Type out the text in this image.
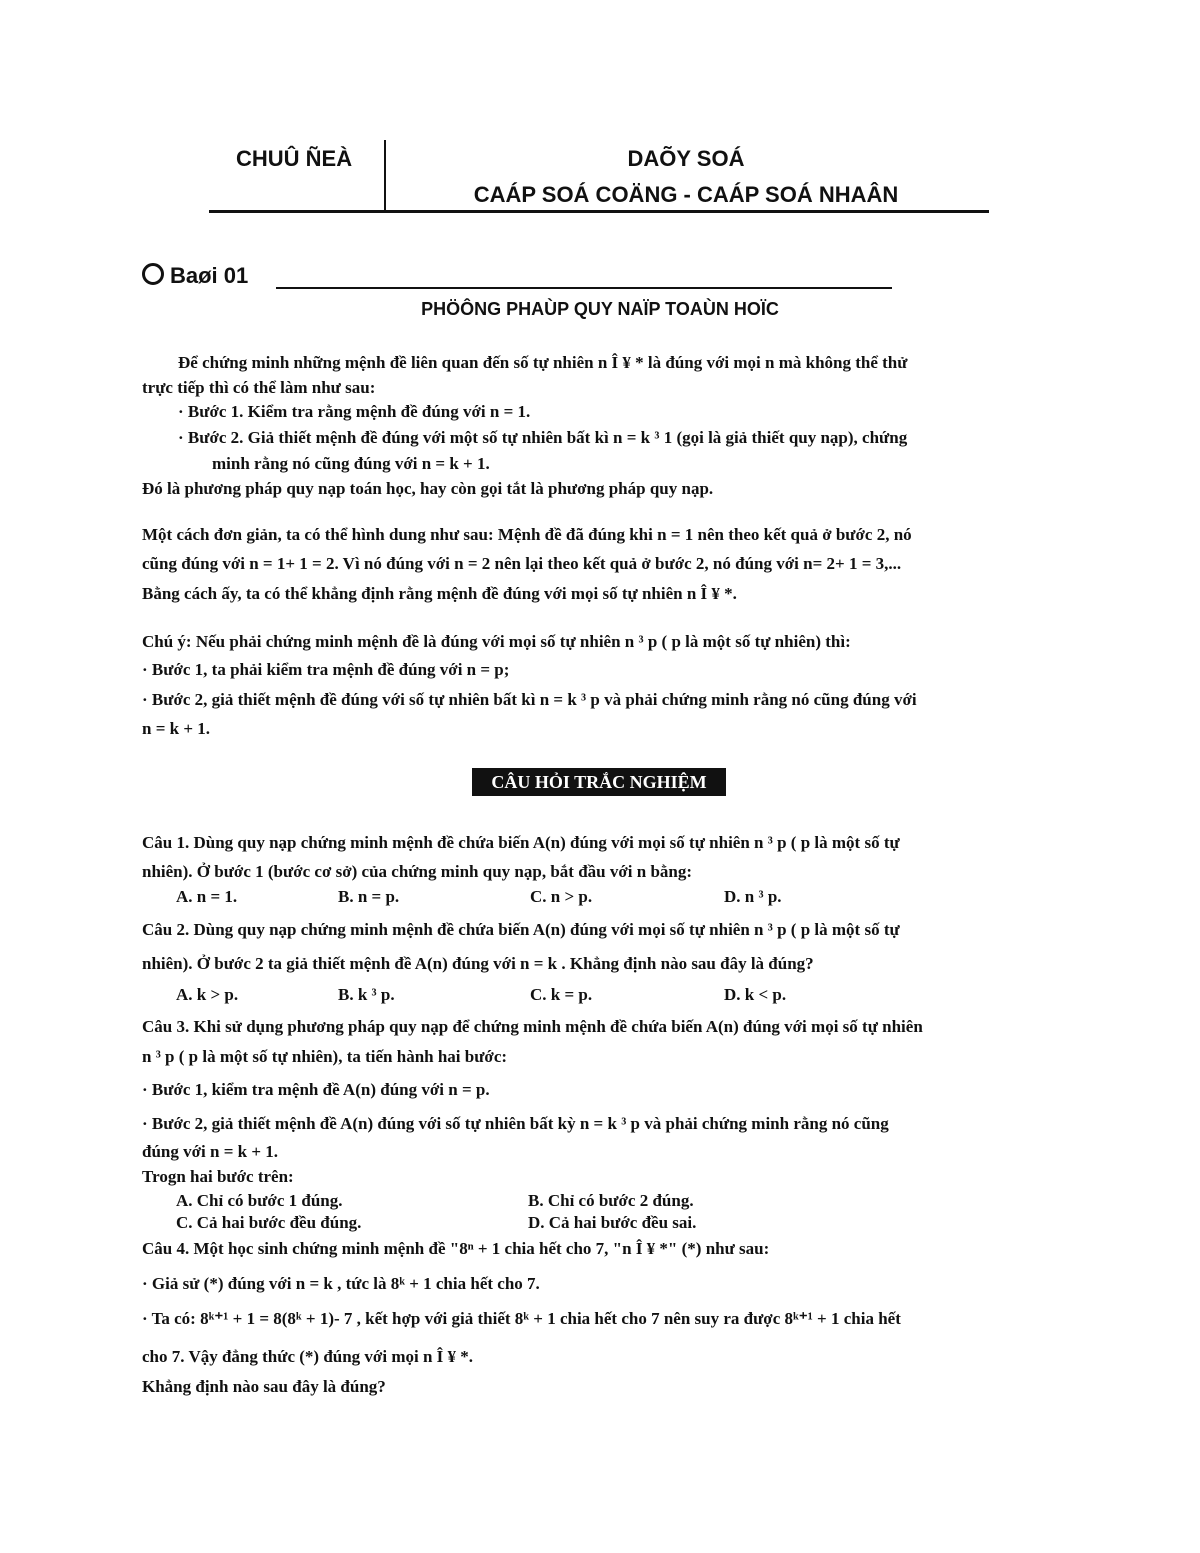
CHUÛ ÑEÀ	DAÕY SOÁ
CAÁP SOÁ COÄNG - CAÁP SOÁ NHAÂN
Baøi 01
PHÖÔNG PHAÙP QUY NAÏP TOAÙN HOÏC
Để chứng minh những mệnh đề liên quan đến số tự nhiên n Î ¥ * là đúng với mọi n mà không thể thử
trực tiếp thì có thể làm như sau:
· Bước 1. Kiểm tra rằng mệnh đề đúng với n = 1.
· Bước 2. Giả thiết mệnh đề đúng với một số tự nhiên bất kì n = k ³ 1 (gọi là giả thiết quy nạp), chứng
minh rằng nó cũng đúng với n = k + 1.
Đó là phương pháp quy nạp toán học, hay còn gọi tắt là phương pháp quy nạp.
Một cách đơn giản, ta có thể hình dung như sau: Mệnh đề đã đúng khi n = 1 nên theo kết quả ở bước 2, nó
cũng đúng với n = 1+ 1 = 2. Vì nó đúng với n = 2 nên lại theo kết quả ở bước 2, nó đúng với n= 2+ 1 = 3,...
Bằng cách ấy, ta có thể khẳng định rằng mệnh đề đúng với mọi số tự nhiên n Î ¥ *.
Chú ý: Nếu phải chứng minh mệnh đề là đúng với mọi số tự nhiên n ³ p ( p là một số tự nhiên) thì:
· Bước 1, ta phải kiểm tra mệnh đề đúng với n = p;
· Bước 2, giả thiết mệnh đề đúng với số tự nhiên bất kì n = k ³ p và phải chứng minh rằng nó cũng đúng với
n = k + 1.
CÂU HỎI TRẮC NGHIỆM
Câu 1. Dùng quy nạp chứng minh mệnh đề chứa biến A(n) đúng với mọi số tự nhiên n ³ p ( p là một số tự
nhiên). Ở bước 1 (bước cơ sở) của chứng minh quy nạp, bắt đầu với n bằng:
A. n = 1.	B. n = p.	C. n > p.	D. n ³ p.
Câu 2. Dùng quy nạp chứng minh mệnh đề chứa biến A(n) đúng với mọi số tự nhiên n ³ p ( p là một số tự
nhiên). Ở bước 2 ta giả thiết mệnh đề A(n) đúng với n = k . Khẳng định nào sau đây là đúng?
A. k > p.	B. k ³ p.	C. k = p.	D. k < p.
Câu 3. Khi sử dụng phương pháp quy nạp để chứng minh mệnh đề chứa biến A(n) đúng với mọi số tự nhiên
n ³ p ( p là một số tự nhiên), ta tiến hành hai bước:
· Bước 1, kiểm tra mệnh đề A(n) đúng với n = p.
· Bước 2, giả thiết mệnh đề A(n) đúng với số tự nhiên bất kỳ n = k ³ p và phải chứng minh rằng nó cũng
đúng với n = k + 1.
Trogn hai bước trên:
A. Chỉ có bước 1 đúng.	B. Chỉ có bước 2 đúng.
C. Cả hai bước đều đúng.	D. Cả hai bước đều sai.
Câu 4. Một học sinh chứng minh mệnh đề "8ⁿ + 1 chia hết cho 7, "n Î ¥ *" (*) như sau:
· Giả sử (*) đúng với n = k , tức là 8ᵏ + 1 chia hết cho 7.
· Ta có: 8ᵏ⁺¹ + 1 = 8(8ᵏ + 1)- 7 , kết hợp với giả thiết 8ᵏ + 1 chia hết cho 7 nên suy ra được 8ᵏ⁺¹ + 1 chia hết
cho 7. Vậy đẳng thức (*) đúng với mọi n Î ¥ *.
Khẳng định nào sau đây là đúng?
